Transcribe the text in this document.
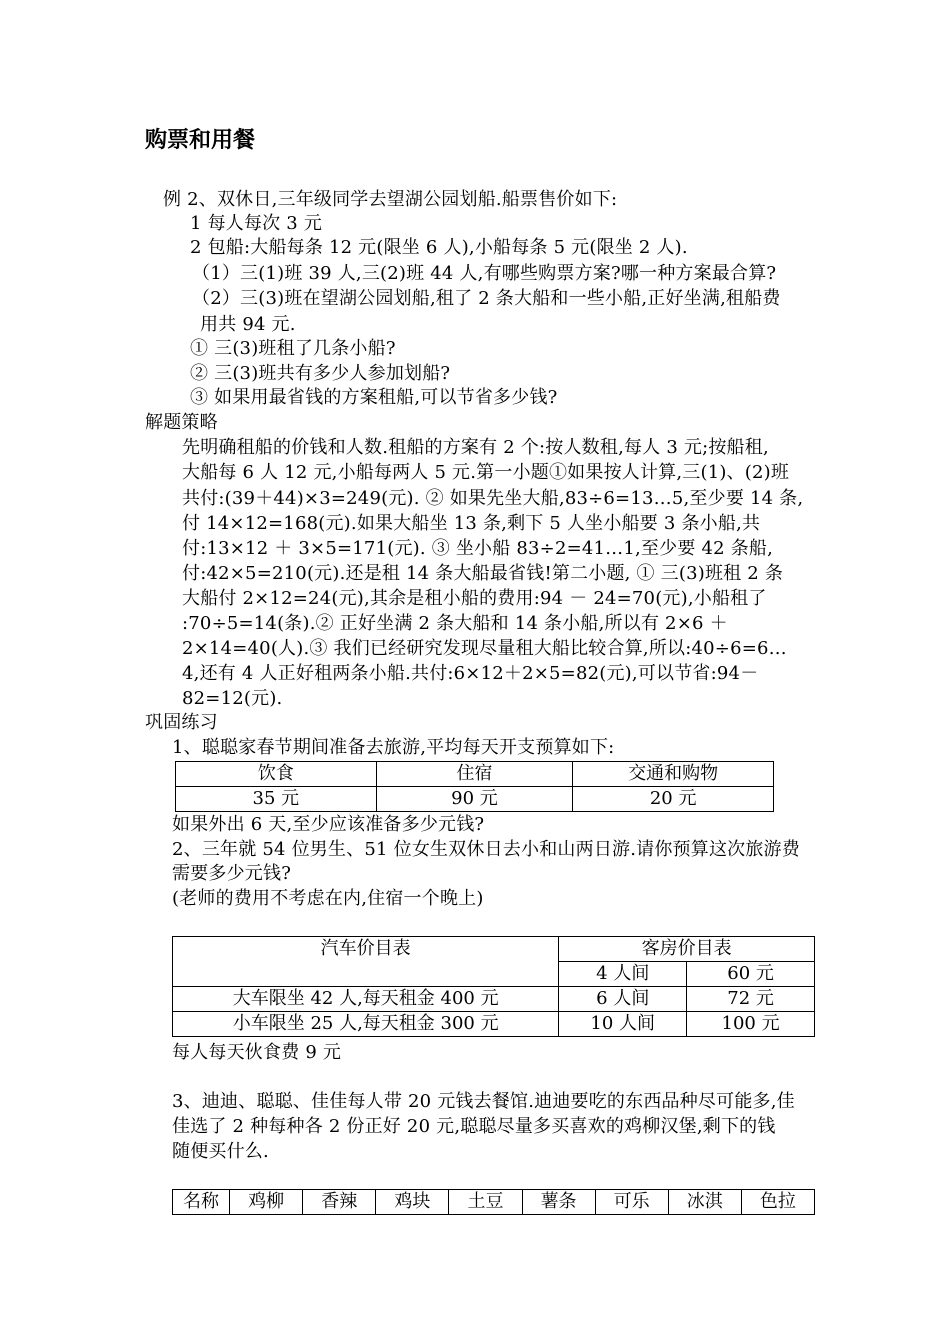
购票和用餐
例 2、双休日,三年级同学去望湖公园划船.船票售价如下:
1 每人每次 3 元
2 包船:大船每条 12 元(限坐 6 人),小船每条 5 元(限坐 2 人).
（1）三(1)班 39 人,三(2)班 44 人,有哪些购票方案?哪一种方案最合算?
（2）三(3)班在望湖公园划船,租了 2 条大船和一些小船,正好坐满,租船费
用共 94 元.
① 三(3)班租了几条小船?
② 三(3)班共有多少人参加划船?
③ 如果用最省钱的方案租船,可以节省多少钱?
解题策略
先明确租船的价钱和人数.租船的方案有 2 个:按人数租,每人 3 元;按船租,
大船每 6 人 12 元,小船每两人 5 元.第一小题①如果按人计算,三(1)、(2)班
共付:(39＋44)×3=249(元). ② 如果先坐大船,83÷6=13…5,至少要 14 条,
付 14×12=168(元).如果大船坐 13 条,剩下 5 人坐小船要 3 条小船,共
付:13×12 ＋ 3×5=171(元). ③ 坐小船 83÷2=41…1,至少要 42 条船,
付:42×5=210(元).还是租 14 条大船最省钱!第二小题, ① 三(3)班租 2 条
大船付 2×12=24(元),其余是租小船的费用:94 － 24=70(元),小船租了
:70÷5=14(条).② 正好坐满 2 条大船和 14 条小船,所以有 2×6 ＋
2×14=40(人).③ 我们已经研究发现尽量租大船比较合算,所以:40÷6=6…
4,还有 4 人正好租两条小船.共付:6×12＋2×5=82(元),可以节省:94－
82=12(元).
巩固练习
1、聪聪家春节期间准备去旅游,平均每天开支预算如下:
饮食	住宿	交通和购物
35 元	90 元	20 元
如果外出 6 天,至少应该准备多少元钱?
2、三年就 54 位男生、51 位女生双休日去小和山两日游.请你预算这次旅游费
需要多少元钱?
(老师的费用不考虑在内,住宿一个晚上)
汽车价目表	客房价目表	
	4 人间	60 元
大车限坐 42 人,每天租金 400 元	6 人间	72 元
小车限坐 25 人,每天租金 300 元	10 人间	100 元
每人每天伙食费 9 元
3、迪迪、聪聪、佳佳每人带 20 元钱去餐馆.迪迪要吃的东西品种尽可能多,佳
佳选了 2 种每种各 2 份正好 20 元,聪聪尽量多买喜欢的鸡柳汉堡,剩下的钱
随便买什么.
名称	鸡柳	香辣	鸡块	土豆	薯条	可乐	冰淇	色拉
